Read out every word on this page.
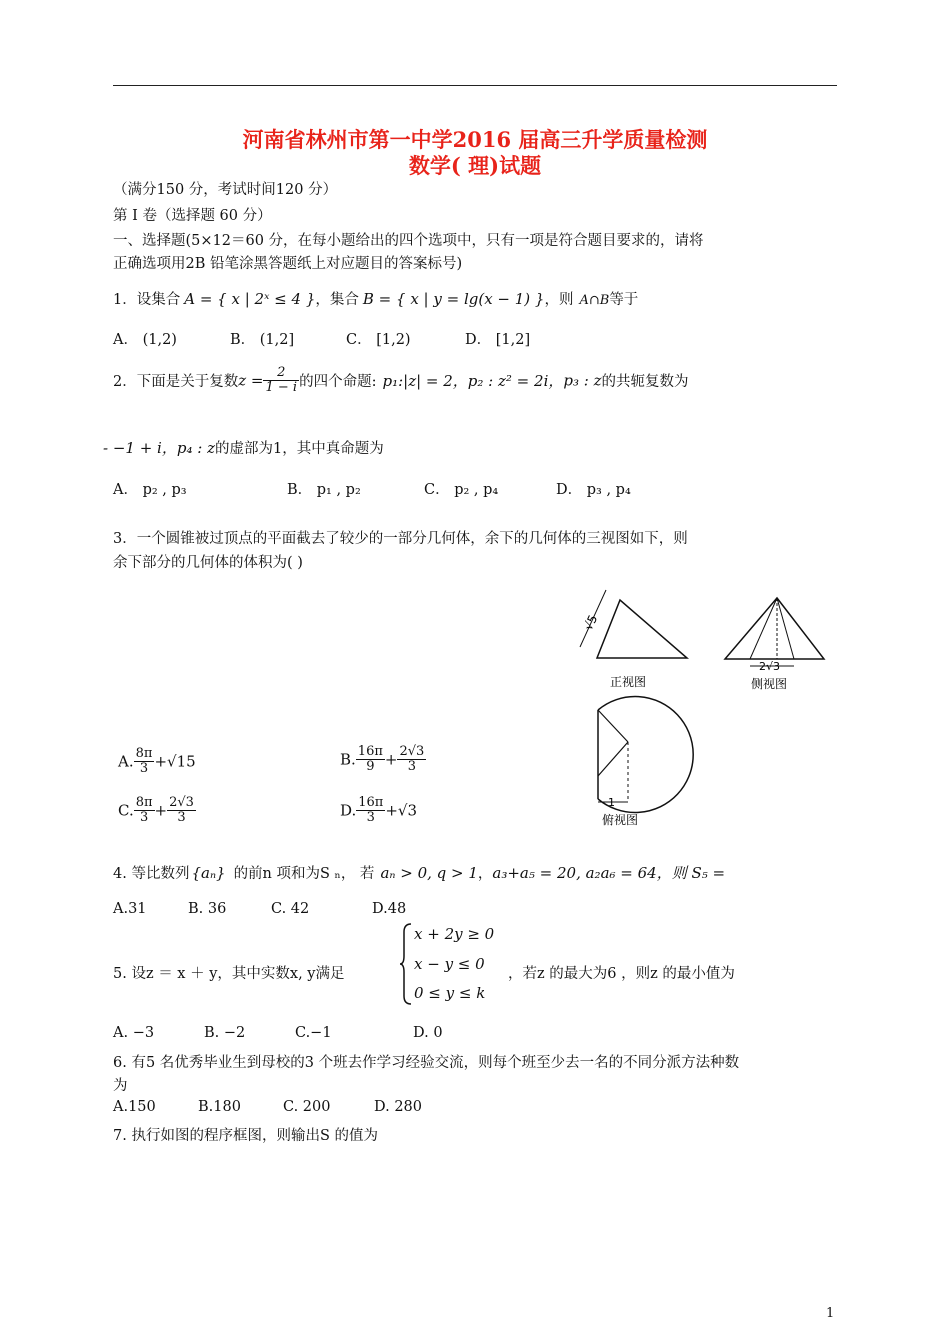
河南省林州市第一中学2016 届高三升学质量检测
数学( 理)试题
（满分150 分，考试时间120 分）
第 I 卷（选择题 60 分）
一、选择题(5×12＝60 分，在每小题给出的四个选项中，只有一项是符合题目要求的，请将
正确选项用2B 铅笔涂黑答题纸上对应题目的答案标号)
1．设集合 A = { x | 2ˣ ≤ 4 }，集合 B = { x | y = lg(x − 1) }，则 A∩B等于
A． (1,2)	B． (1,2]	C． [1,2)	D． [1,2]
2．下面是关于复数$z = \frac{2}{1 - i}$ 的四个命题: p₁:|z| = 2，p₂ : z² = 2i，p₃ : z的共轭复数为
- −1 + i，p₄ : z的虚部为1，其中真命题为
A． p₂ , p₃	B． p₁ , p₂	C． p₂ , p₄	D． p₃ , p₄
3．一个圆锥被过顶点的平面截去了较少的一部分几何体，余下的几何体的三视图如下，则
余下部分的几何体的体积为( )
√5
正视图
2√3
侧视图
1
俯视图
A. $\frac{8\pi}{3} +√15$	B. $\frac{16\pi}{9} + \frac{2√3}{3}$
C. $\frac{8\pi}{3} + \frac{2√3}{3}$	D. $\frac{16\pi}{3} +√3$
4. 等比数列 {aₙ} 的前n 项和为S ₙ， 若 aₙ > 0, q > 1，a₃+a₅ = 20, a₂a₆ = 64，则 S₅ =
A.31	B. 36	C. 42	D.48
5. 设z ＝ x ＋ y，其中实数x, y满足
x + 2y ≥ 0
x − y ≤ 0
0 ≤ y ≤ k
，若z 的最大为6 ，则z 的最小值为
A. −3	B. −2	C.−1	D. 0
6. 有5 名优秀毕业生到母校的3 个班去作学习经验交流，则每个班至少去一名的不同分派方法种数
为
A.150	B.180	C. 200	D. 280
7. 执行如图的程序框图，则输出S 的值为
1
